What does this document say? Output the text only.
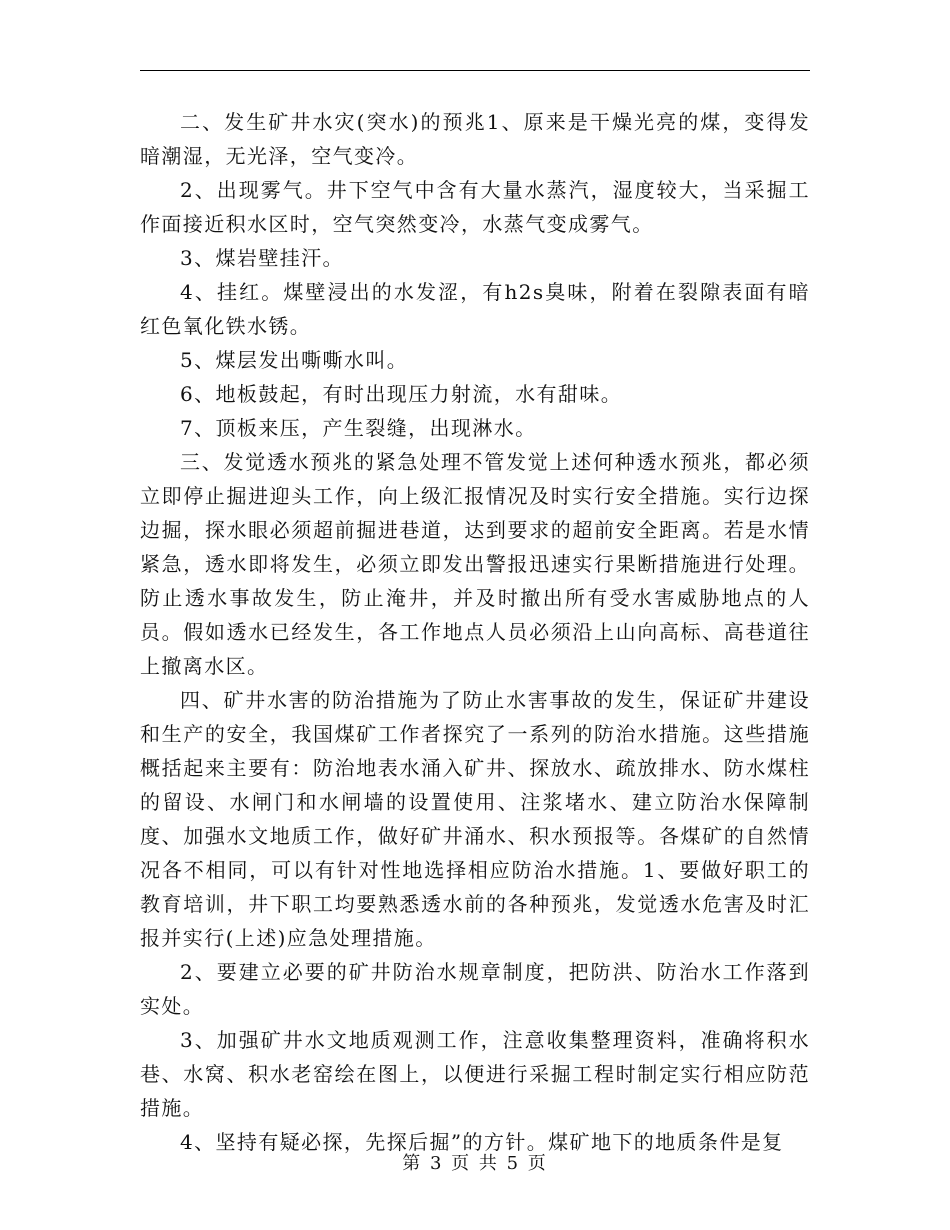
二、发生矿井水灾(突水)的预兆1、原来是干燥光亮的煤，变得发暗潮湿，无光泽，空气变冷。

2、出现雾气。井下空气中含有大量水蒸汽，湿度较大，当采掘工作面接近积水区时，空气突然变冷，水蒸气变成雾气。

3、煤岩壁挂汗。

4、挂红。煤壁浸出的水发涩，有h2s臭味，附着在裂隙表面有暗红色氧化铁水锈。

5、煤层发出嘶嘶水叫。

6、地板鼓起，有时出现压力射流，水有甜味。

7、顶板来压，产生裂缝，出现淋水。

三、发觉透水预兆的紧急处理不管发觉上述何种透水预兆，都必须立即停止掘进迎头工作，向上级汇报情况及时实行安全措施。实行边探边掘，探水眼必须超前掘进巷道，达到要求的超前安全距离。若是水情紧急，透水即将发生，必须立即发出警报迅速实行果断措施进行处理。防止透水事故发生，防止淹井，并及时撤出所有受水害威胁地点的人员。假如透水已经发生，各工作地点人员必须沿上山向高标、高巷道往上撤离水区。

四、矿井水害的防治措施为了防止水害事故的发生，保证矿井建设和生产的安全，我国煤矿工作者探究了一系列的防治水措施。这些措施概括起来主要有：防治地表水涌入矿井、探放水、疏放排水、防水煤柱的留设、水闸门和水闸墙的设置使用、注浆堵水、建立防治水保障制度、加强水文地质工作，做好矿井涌水、积水预报等。各煤矿的自然情况各不相同，可以有针对性地选择相应防治水措施。1、要做好职工的教育培训，井下职工均要熟悉透水前的各种预兆，发觉透水危害及时汇报并实行(上述)应急处理措施。

2、要建立必要的矿井防治水规章制度，把防洪、防治水工作落到实处。

3、加强矿井水文地质观测工作，注意收集整理资料，准确将积水巷、水窝、积水老窑绘在图上，以便进行采掘工程时制定实行相应防范措施。

4、坚持有疑必探，先探后掘”的方针。煤矿地下的地质条件是复

第 3 页 共 5 页
